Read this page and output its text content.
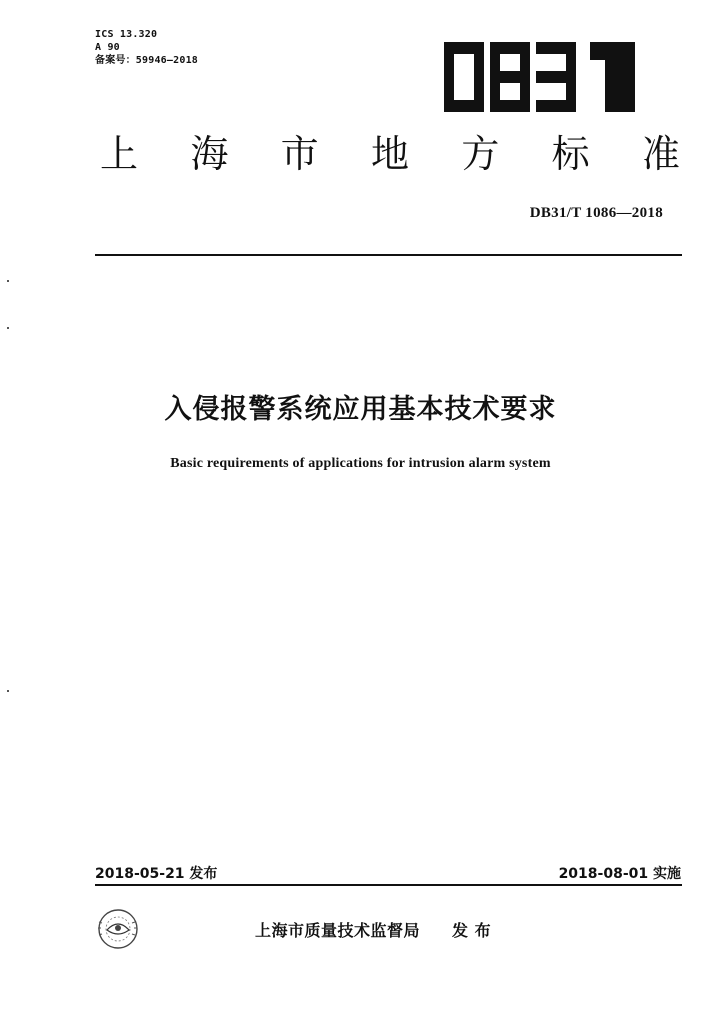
ICS 13.320
A 90
备案号：59946—2018
上 海 市 地 方 标 准
DB31/T 1086—2018
入侵报警系统应用基本技术要求
Basic requirements of applications for intrusion alarm system
2018-05-21 发布	2018-08-01 实施
上海市质量技术监督局 发 布
